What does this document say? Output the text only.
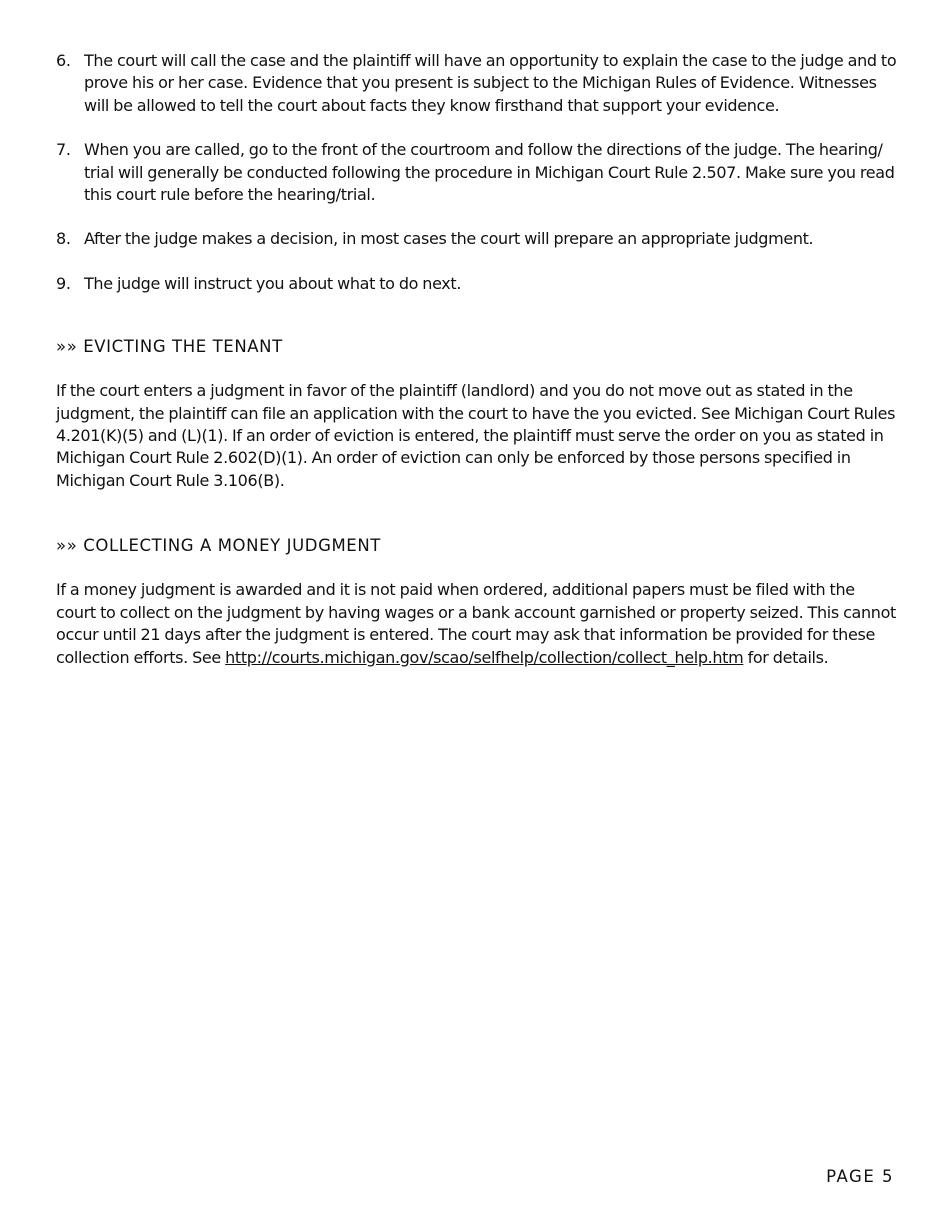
6. The court will call the case and the plaintiff will have an opportunity to explain the case to the judge and to prove his or her case. Evidence that you present is subject to the Michigan Rules of Evidence. Witnesses will be allowed to tell the court about facts they know firsthand that support your evidence.
7. When you are called, go to the front of the courtroom and follow the directions of the judge. The hearing/ trial will generally be conducted following the procedure in Michigan Court Rule 2.507. Make sure you read this court rule before the hearing/trial.
8. After the judge makes a decision, in most cases the court will prepare an appropriate judgment.
9. The judge will instruct you about what to do next.
»» EVICTING THE TENANT

If the court enters a judgment in favor of the plaintiff (landlord) and you do not move out as stated in the judgment, the plaintiff can file an application with the court to have the you evicted. See Michigan Court Rules 4.201(K)(5) and (L)(1). If an order of eviction is entered, the plaintiff must serve the order on you as stated in Michigan Court Rule 2.602(D)(1). An order of eviction can only be enforced by those persons specified in Michigan Court Rule 3.106(B).

»» COLLECTING A MONEY JUDGMENT

If a money judgment is awarded and it is not paid when ordered, additional papers must be filed with the court to collect on the judgment by having wages or a bank account garnished or property seized. This cannot occur until 21 days after the judgment is entered. The court may ask that information be provided for these collection efforts. See http://courts.michigan.gov/scao/selfhelp/collection/collect_help.htm for details.

PAGE 5
